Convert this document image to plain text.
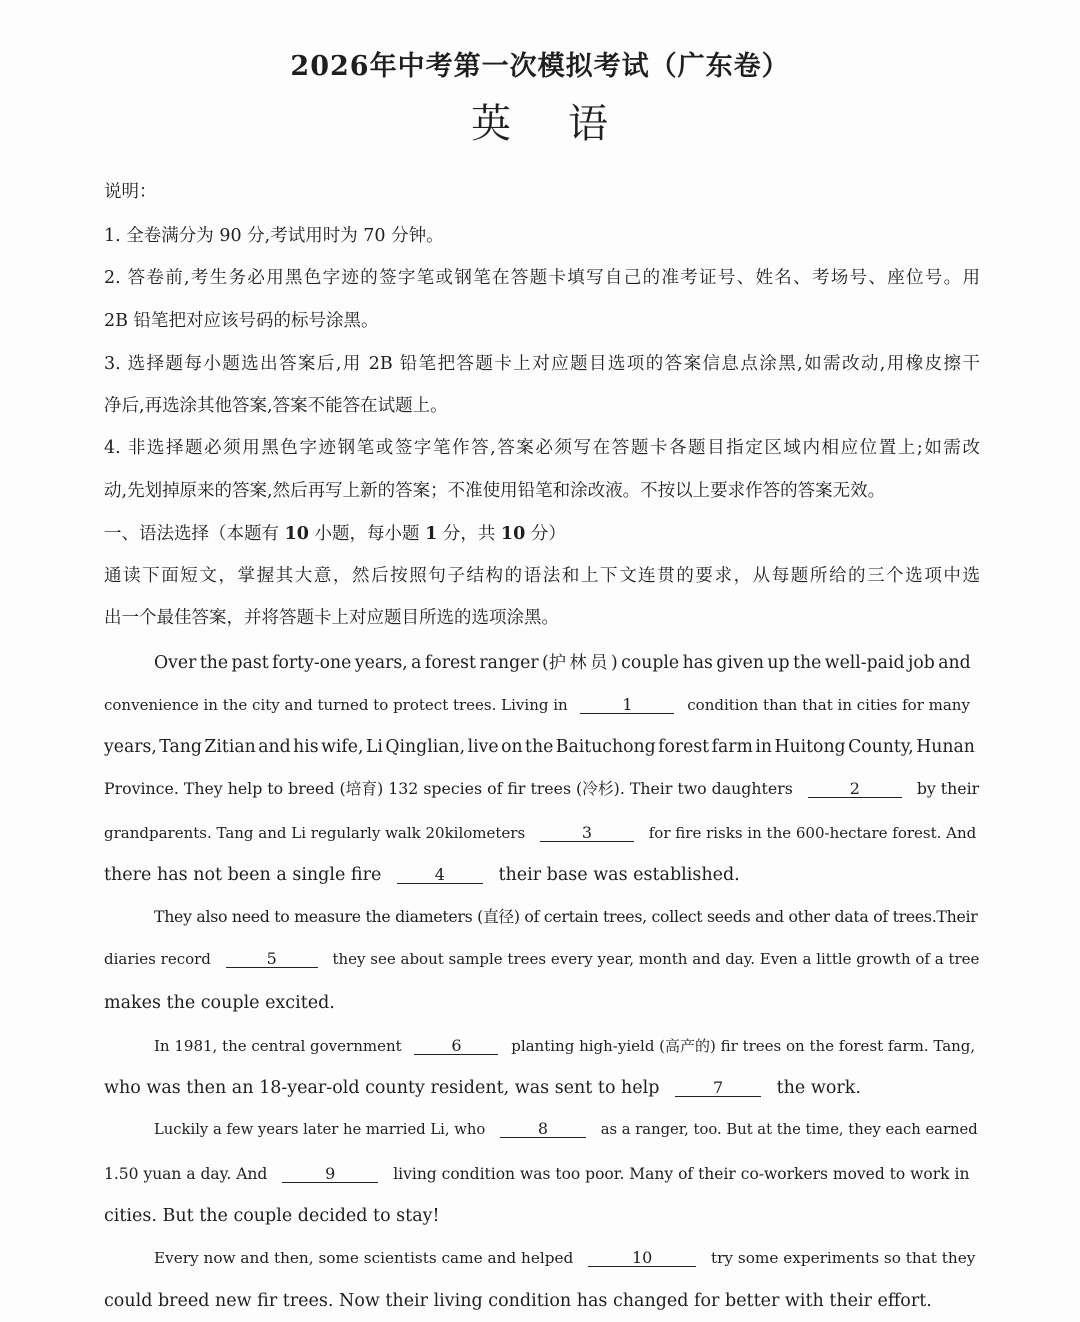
2026年中考第一次模拟考试（广东卷）
英 语
说明：
1. 全卷满分为 90 分,考试用时为 70 分钟。
2. 答卷前,考生务必用黑色字迹的签字笔或钢笔在答题卡填写自己的准考证号、姓名、考场号、座位号。用
2B 铅笔把对应该号码的标号涂黑。
3. 选择题每小题选出答案后,用 2B 铅笔把答题卡上对应题目选项的答案信息点涂黑,如需改动,用橡皮擦干
净后,再选涂其他答案,答案不能答在试题上。
4. 非选择题必须用黑色字迹钢笔或签字笔作答,答案必须写在答题卡各题目指定区域内相应位置上;如需改
动,先划掉原来的答案,然后再写上新的答案；不准使用铅笔和涂改液。不按以上要求作答的答案无效。
一、语法选择（本题有 10 小题，每小题 1 分，共 10 分）
通读下面短文，掌握其大意，然后按照句子结构的语法和上下文连贯的要求，从每题所给的三个选项中选
出一个最佳答案，并将答题卡上对应题目所选的选项涂黑。
Over the past forty-one years, a forest ranger (护 林 员 ) couple has given up the well-paid job and
convenience in the city and turned to protect trees. Living in	1	condition than that in cities for many
years, Tang Zitian and his wife, Li Qinglian, live on the Baituchong forest farm in Huitong County, Hunan
Province. They help to breed (培育) 132 species of fir trees (冷杉). Their two daughters	2	by their
grandparents. Tang and Li regularly walk 20kilometers	3	for fire risks in the 600-hectare forest. And
there has not been a single fire	4	their base was established.
They also need to measure the diameters (直径) of certain trees, collect seeds and other data of trees.Their
diaries record	5	they see about sample trees every year, month and day. Even a little growth of a tree
makes the couple excited.
In 1981, the central government	6	planting high-yield (高产的) fir trees on the forest farm. Tang,
who was then an 18-year-old county resident, was sent to help	7	the work.
Luckily a few years later he married Li, who	8	as a ranger, too. But at the time, they each earned
1.50 yuan a day. And	9	living condition was too poor. Many of their co-workers moved to work in
cities. But the couple decided to stay!
Every now and then, some scientists came and helped	10	try some experiments so that they
could breed new fir trees. Now their living condition has changed for better with their effort.
